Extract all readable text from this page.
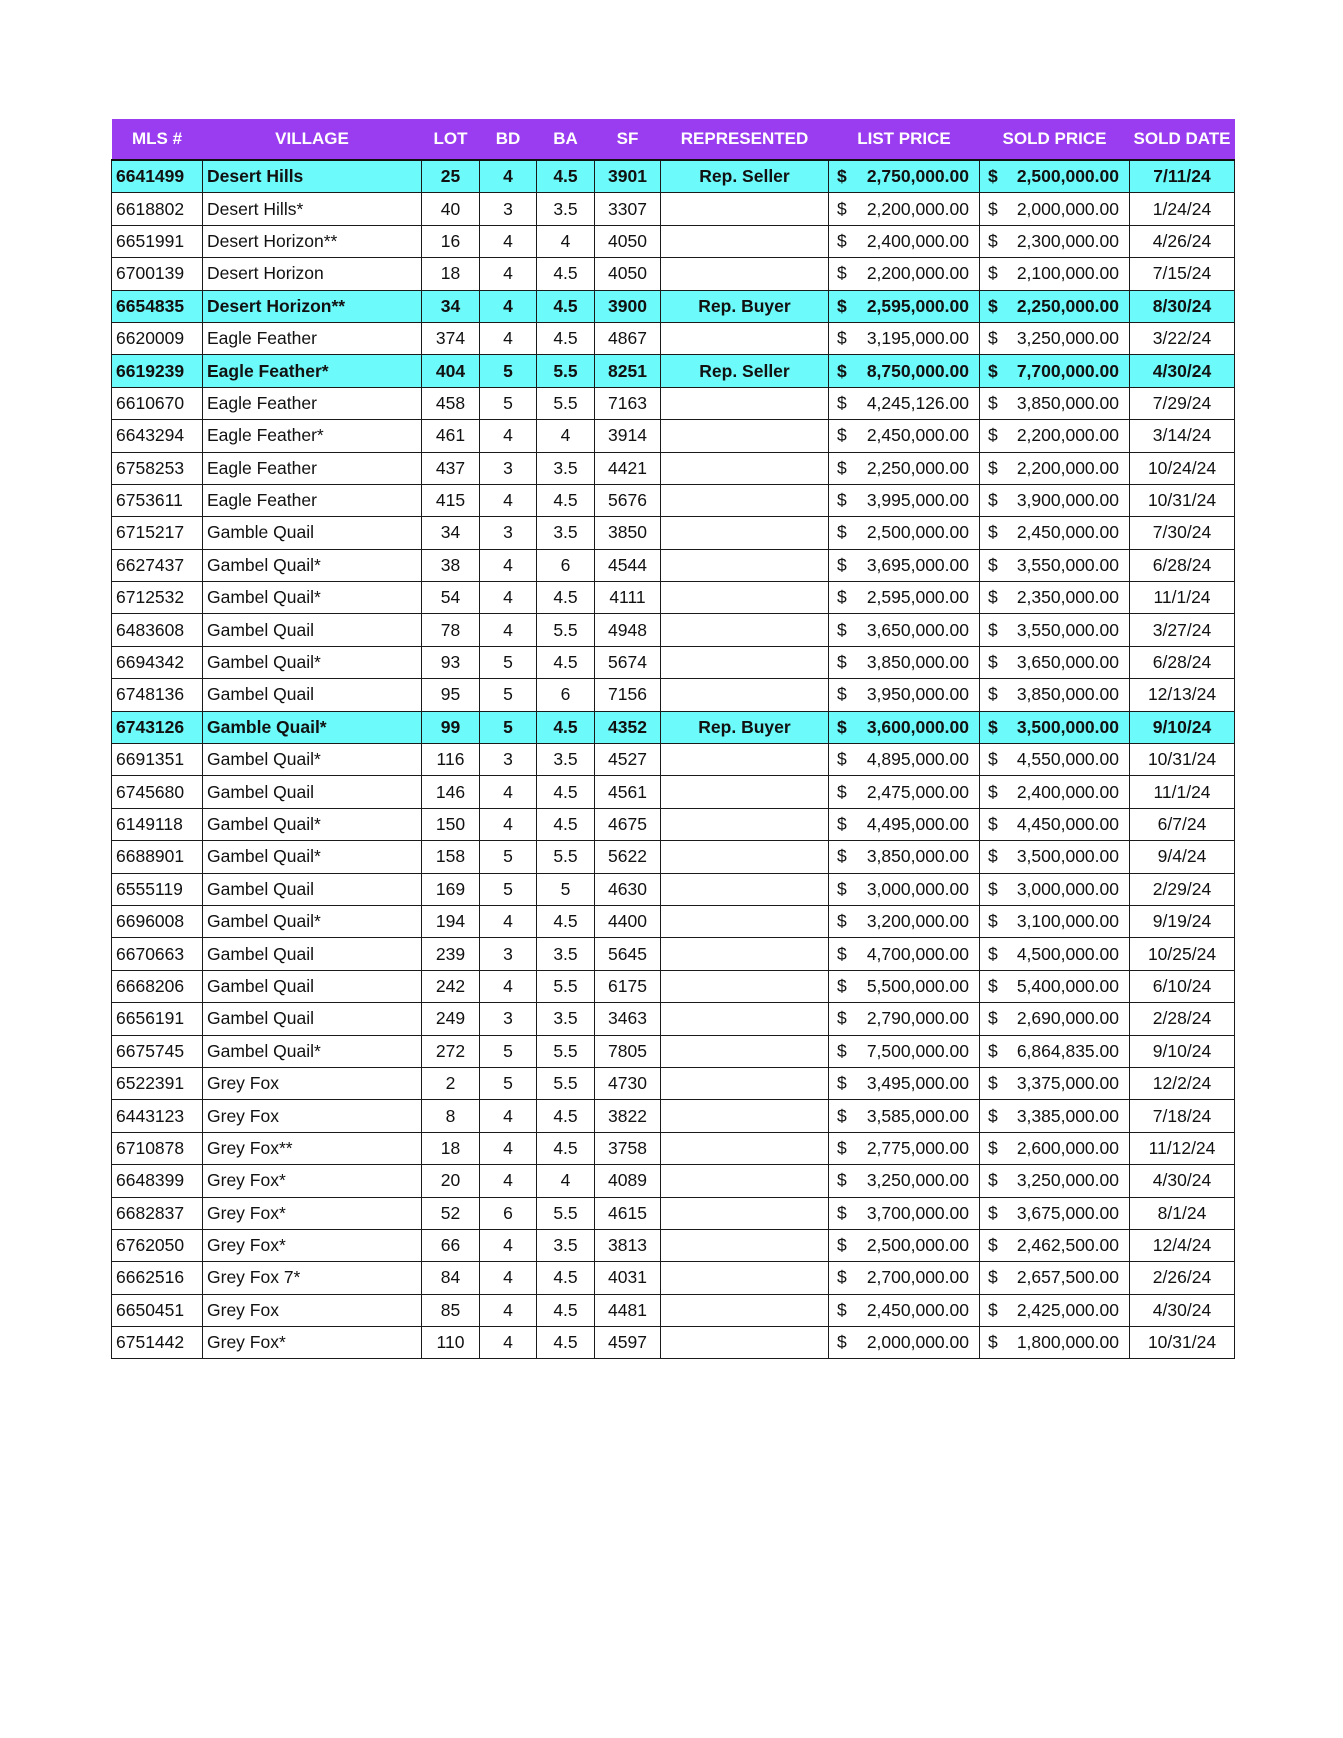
MLS #	VILLAGE	LOT	BD	BA	SF	REPRESENTED	LIST PRICE	SOLD PRICE	SOLD DATE
6641499	Desert Hills	25	4	4.5	3901	Rep. Seller	$ 2,750,000.00	$ 2,500,000.00	7/11/24
6618802	Desert Hills*	40	3	3.5	3307		$ 2,200,000.00	$ 2,000,000.00	1/24/24
6651991	Desert Horizon**	16	4	4	4050		$ 2,400,000.00	$ 2,300,000.00	4/26/24
6700139	Desert Horizon	18	4	4.5	4050		$ 2,200,000.00	$ 2,100,000.00	7/15/24
6654835	Desert Horizon**	34	4	4.5	3900	Rep. Buyer	$ 2,595,000.00	$ 2,250,000.00	8/30/24
6620009	Eagle Feather	374	4	4.5	4867		$ 3,195,000.00	$ 3,250,000.00	3/22/24
6619239	Eagle Feather*	404	5	5.5	8251	Rep. Seller	$ 8,750,000.00	$ 7,700,000.00	4/30/24
6610670	Eagle Feather	458	5	5.5	7163		$ 4,245,126.00	$ 3,850,000.00	7/29/24
6643294	Eagle Feather*	461	4	4	3914		$ 2,450,000.00	$ 2,200,000.00	3/14/24
6758253	Eagle Feather	437	3	3.5	4421		$ 2,250,000.00	$ 2,200,000.00	10/24/24
6753611	Eagle Feather	415	4	4.5	5676		$ 3,995,000.00	$ 3,900,000.00	10/31/24
6715217	Gamble Quail	34	3	3.5	3850		$ 2,500,000.00	$ 2,450,000.00	7/30/24
6627437	Gambel Quail*	38	4	6	4544		$ 3,695,000.00	$ 3,550,000.00	6/28/24
6712532	Gambel Quail*	54	4	4.5	4111		$ 2,595,000.00	$ 2,350,000.00	11/1/24
6483608	Gambel Quail	78	4	5.5	4948		$ 3,650,000.00	$ 3,550,000.00	3/27/24
6694342	Gambel Quail*	93	5	4.5	5674		$ 3,850,000.00	$ 3,650,000.00	6/28/24
6748136	Gambel Quail	95	5	6	7156		$ 3,950,000.00	$ 3,850,000.00	12/13/24
6743126	Gamble Quail*	99	5	4.5	4352	Rep. Buyer	$ 3,600,000.00	$ 3,500,000.00	9/10/24
6691351	Gambel Quail*	116	3	3.5	4527		$ 4,895,000.00	$ 4,550,000.00	10/31/24
6745680	Gambel Quail	146	4	4.5	4561		$ 2,475,000.00	$ 2,400,000.00	11/1/24
6149118	Gambel Quail*	150	4	4.5	4675		$ 4,495,000.00	$ 4,450,000.00	6/7/24
6688901	Gambel Quail*	158	5	5.5	5622		$ 3,850,000.00	$ 3,500,000.00	9/4/24
6555119	Gambel Quail	169	5	5	4630		$ 3,000,000.00	$ 3,000,000.00	2/29/24
6696008	Gambel Quail*	194	4	4.5	4400		$ 3,200,000.00	$ 3,100,000.00	9/19/24
6670663	Gambel Quail	239	3	3.5	5645		$ 4,700,000.00	$ 4,500,000.00	10/25/24
6668206	Gambel Quail	242	4	5.5	6175		$ 5,500,000.00	$ 5,400,000.00	6/10/24
6656191	Gambel Quail	249	3	3.5	3463		$ 2,790,000.00	$ 2,690,000.00	2/28/24
6675745	Gambel Quail*	272	5	5.5	7805		$ 7,500,000.00	$ 6,864,835.00	9/10/24
6522391	Grey Fox	2	5	5.5	4730		$ 3,495,000.00	$ 3,375,000.00	12/2/24
6443123	Grey Fox	8	4	4.5	3822		$ 3,585,000.00	$ 3,385,000.00	7/18/24
6710878	Grey Fox**	18	4	4.5	3758		$ 2,775,000.00	$ 2,600,000.00	11/12/24
6648399	Grey Fox*	20	4	4	4089		$ 3,250,000.00	$ 3,250,000.00	4/30/24
6682837	Grey Fox*	52	6	5.5	4615		$ 3,700,000.00	$ 3,675,000.00	8/1/24
6762050	Grey Fox*	66	4	3.5	3813		$ 2,500,000.00	$ 2,462,500.00	12/4/24
6662516	Grey Fox 7*	84	4	4.5	4031		$ 2,700,000.00	$ 2,657,500.00	2/26/24
6650451	Grey Fox	85	4	4.5	4481		$ 2,450,000.00	$ 2,425,000.00	4/30/24
6751442	Grey Fox*	110	4	4.5	4597		$ 2,000,000.00	$ 1,800,000.00	10/31/24
